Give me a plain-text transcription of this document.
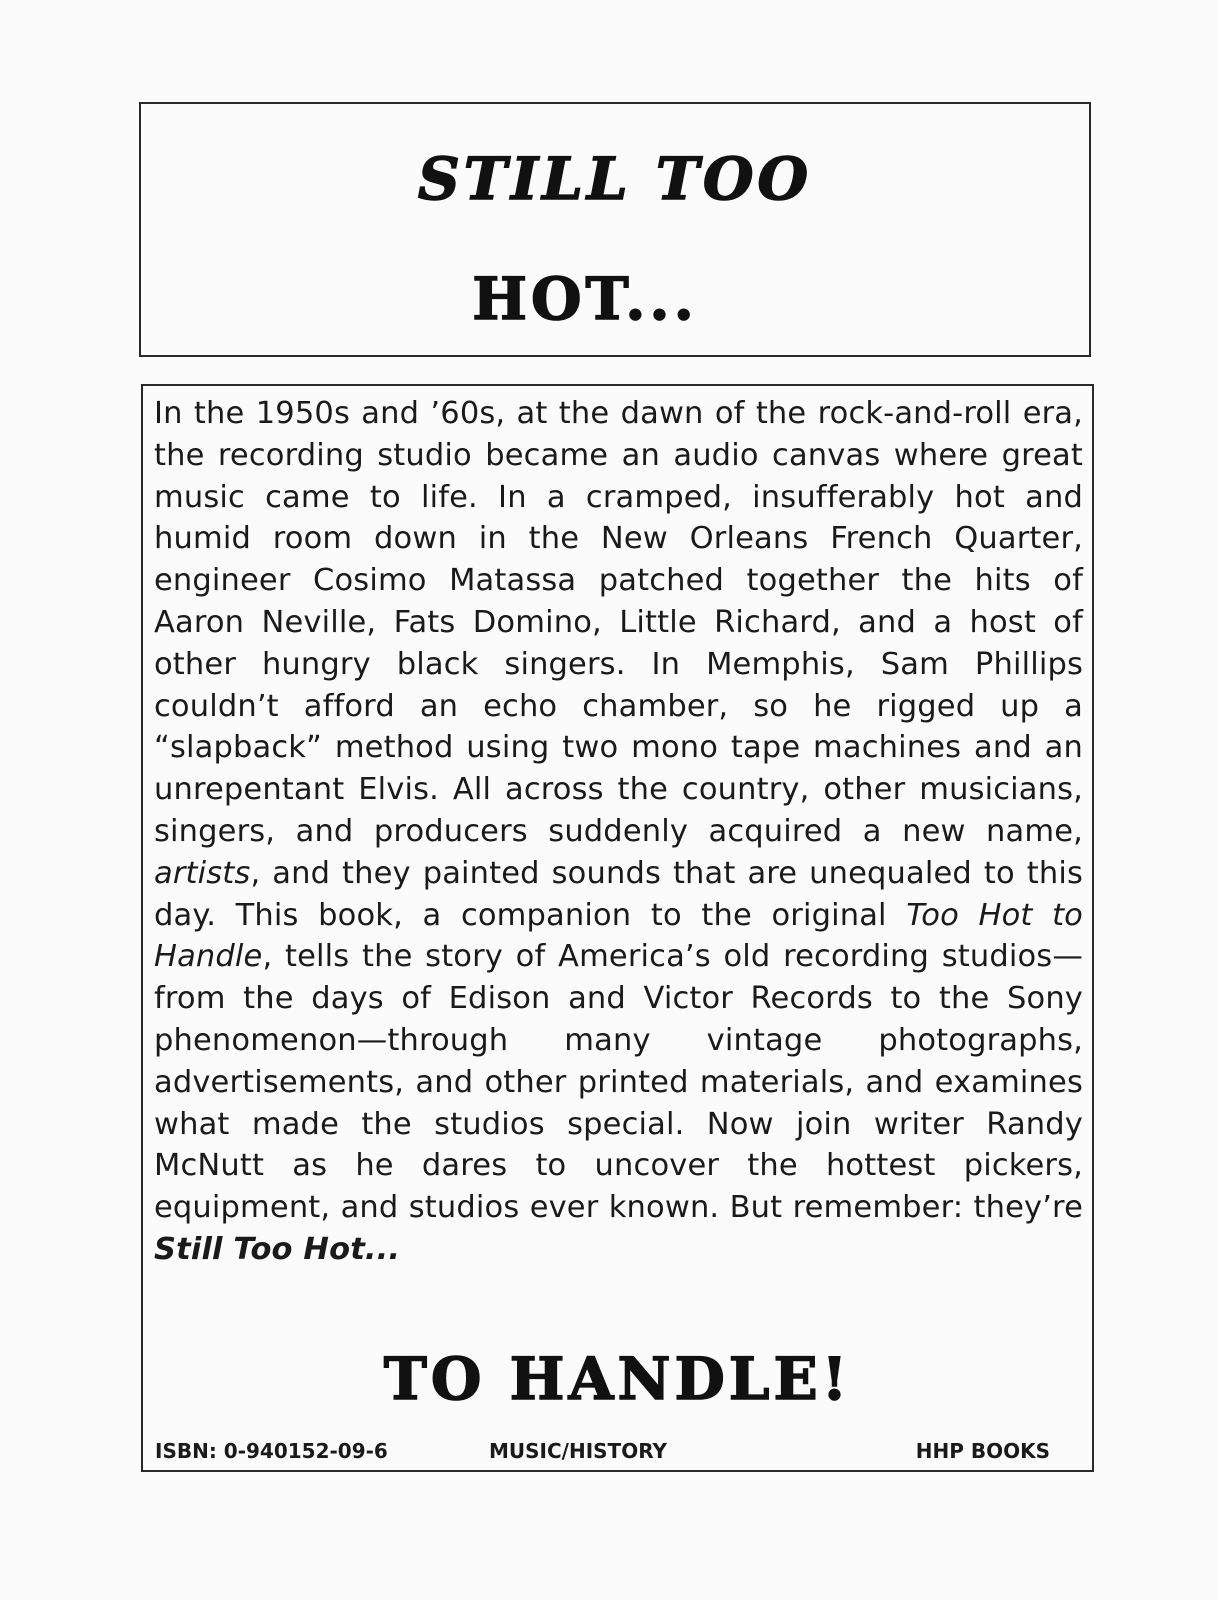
STILL TOO
HOT...

In the 1950s and ’60s, at the dawn of the rock-and-roll era, the recording studio became an audio canvas where great music came to life. In a cramped, insufferably hot and humid room down in the New Orleans French Quarter, engineer Cosimo Matassa patched together the hits of Aaron Neville, Fats Domino, Little Richard, and a host of other hungry black singers. In Memphis, Sam Phillips couldn’t afford an echo chamber, so he rigged up a “slapback” method using two mono tape machines and an unrepentant Elvis. All across the country, other musicians, singers, and producers suddenly acquired a new name, artists, and they painted sounds that are unequaled to this day. This book, a companion to the original Too Hot to Handle, tells the story of America’s old recording studios—from the days of Edison and Victor Records to the Sony phenomenon—through many vintage photographs, advertisements, and other printed materials, and examines what made the studios special. Now join writer Randy McNutt as he dares to uncover the hottest pickers, equipment, and studios ever known. But remember: they’re Still Too Hot...

TO HANDLE!
ISBN: 0-940152-09-6	MUSIC/HISTORY	HHP BOOKS
